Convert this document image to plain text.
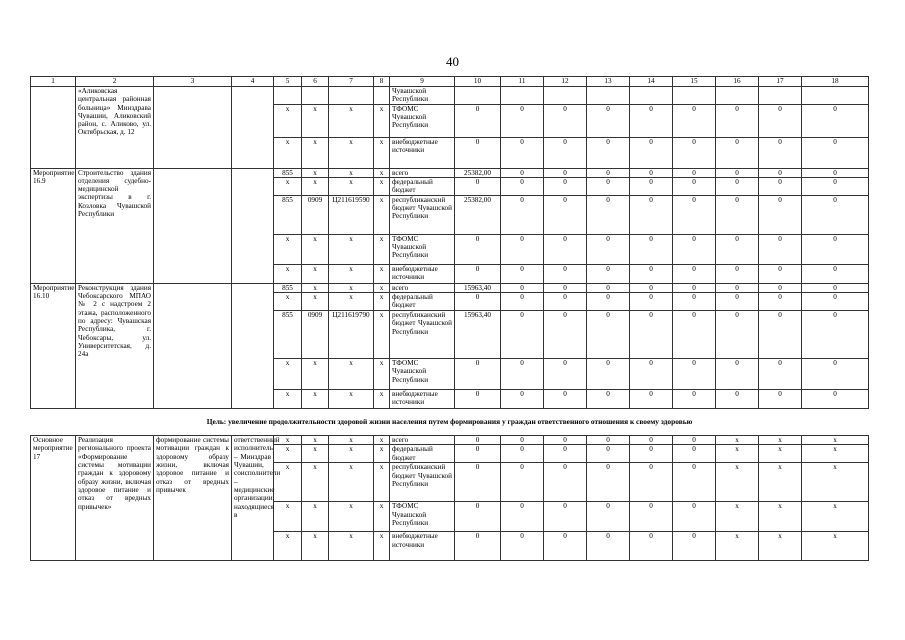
40
1	2	3	4	5	6	7	8	9	10	11	12	13	14	15	16	17	18
	«Аликовская центральная районная больница» Минздрава Чувашии, Аликовский район, с. Аликово, ул. Октябрьская, д. 12							Чувашской Республики									
				x	x	x	x	ТФОМС Чувашской Республики	0	0	0	0	0	0	0	0	0
				x	x	x	x	внебюджетные источники	0	0	0	0	0	0	0	0	0
Мероприятие 16.9	Строительство здания отделения судебно-медицинской экспертизы в г. Козловка Чувашской Республики			855	x	x	x	всего	25382,00	0	0	0	0	0	0	0	0
				x	x	x	x	федеральный бюджет	0	0	0	0	0	0	0	0	0
				855	0909	Ц211619590	x	республиканский бюджет Чувашской Республики	25382,00	0	0	0	0	0	0	0	0
				x	x	x	x	ТФОМС Чувашской Республики	0	0	0	0	0	0	0	0	0
				x	x	x	x	внебюджетные источники	0	0	0	0	0	0	0	0	0
Мероприятие 16.10	Реконструкция здания Чебоксарского МПАО № 2 с надстроем 2 этажа, расположенного по адресу: Чувашская Республика, г. Чебоксары, ул. Университетская, д. 24а			855	x	x	x	всего	15963,40	0	0	0	0	0	0	0	0
				x	x	x	x	федеральный бюджет	0	0	0	0	0	0	0	0	0
				855	0909	Ц211619790	x	республиканский бюджет Чувашской Республики	15963,40	0	0	0	0	0	0	0	0
				x	x	x	x	ТФОМС Чувашской Республики	0	0	0	0	0	0	0	0	0
				x	x	x	x	внебюджетные источники	0	0	0	0	0	0	0	0	0
Цель: увеличение продолжительности здоровой жизни населения путем формирования у граждан ответственного отношения к своему здоровью																	
Основное мероприятие 17	Реализация регионального проекта «Формирование системы мотивации граждан к здоровому образу жизни, включая здоровое питание и отказ от вредных привычек»	формирование системы мотивации граждан к здоровому образу жизни, включая здоровое питание и отказ от вредных привычек	ответственный исполнитель – Минздрав Чувашии, соисполнители – медицинские организации, находящиеся в	x	x	x	x	всего	0	0	0	0	0	0	x	x	x
				x	x	x	x	федеральный бюджет	0	0	0	0	0	0	x	x	x
				x	x	x	x	республиканский бюджет Чувашской Республики	0	0	0	0	0	0	x	x	x
				x	x	x	x	ТФОМС Чувашской Республики	0	0	0	0	0	0	x	x	x
				x	x	x	x	внебюджетные источники	0	0	0	0	0	0	x	x	x
